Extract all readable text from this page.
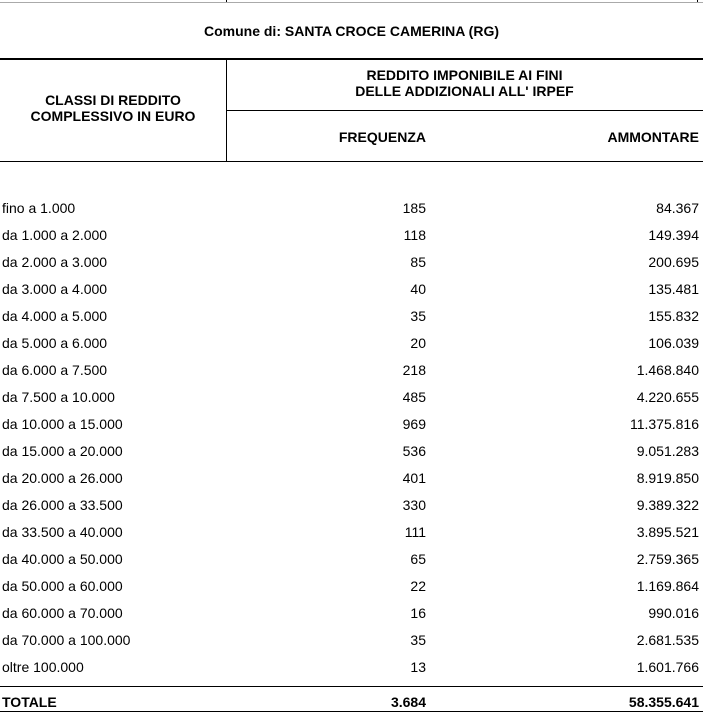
Comune di: SANTA CROCE CAMERINA (RG)
CLASSI DI REDDITO
COMPLESSIVO IN EURO
REDDITO IMPONIBILE AI FINI
DELLE ADDIZIONALI ALL' IRPEF
FREQUENZA	AMMONTARE
fino a 1.000	185	84.367
da 1.000 a 2.000	118	149.394
da 2.000 a 3.000	85	200.695
da 3.000 a 4.000	40	135.481
da 4.000 a 5.000	35	155.832
da 5.000 a 6.000	20	106.039
da 6.000 a 7.500	218	1.468.840
da 7.500 a 10.000	485	4.220.655
da 10.000 a 15.000	969	11.375.816
da 15.000 a 20.000	536	9.051.283
da 20.000 a 26.000	401	8.919.850
da 26.000 a 33.500	330	9.389.322
da 33.500 a 40.000	111	3.895.521
da 40.000 a 50.000	65	2.759.365
da 50.000 a 60.000	22	1.169.864
da 60.000 a 70.000	16	990.016
da 70.000 a 100.000	35	2.681.535
oltre 100.000	13	1.601.766
TOTALE	3.684	58.355.641
